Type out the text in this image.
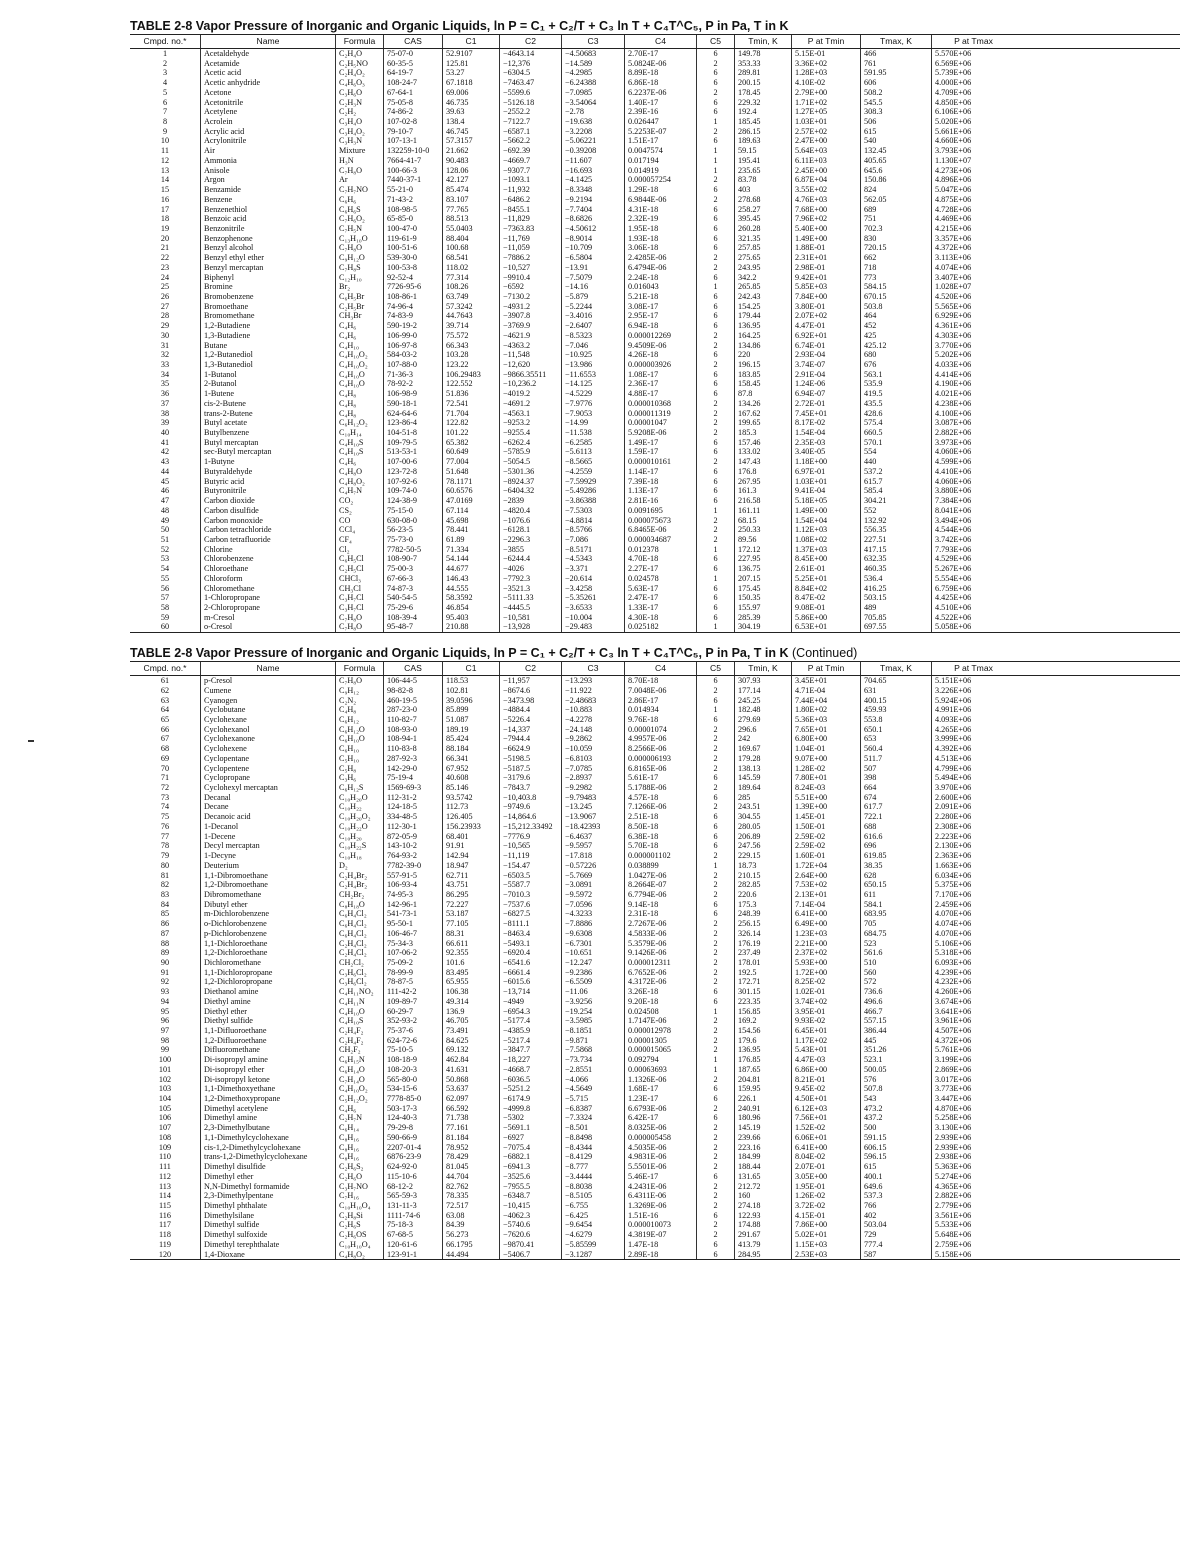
TABLE 2-8 Vapor Pressure of Inorganic and Organic Liquids, ln P = C₁ + C₂/T + C₃ ln T + C₄T^C₅, P in Pa, T in K
Cmpd. no.*	Name	Formula	CAS	C1	C2	C3	C4	C5	Tmin, K	P at Tmin	Tmax, K	P at Tmax
1	Acetaldehyde	C₂H₄O	75-07-0	52.9107	−4643.14	−4.50683	2.70E-17	6	149.78	5.15E-01	466	5.570E+06
2	Acetamide	C₂H₅NO	60-35-5	125.81	−12,376	−14.589	5.0824E-06	2	353.33	3.36E+02	761	6.569E+06
3	Acetic acid	C₂H₄O₂	64-19-7	53.27	−6304.5	−4.2985	8.89E-18	6	289.81	1.28E+03	591.95	5.739E+06
4	Acetic anhydride	C₄H₆O₃	108-24-7	67.1818	−7463.47	−6.24388	6.86E-18	6	200.15	4.10E-02	606	4.000E+06
5	Acetone	C₃H₆O	67-64-1	69.006	−5599.6	−7.0985	6.2237E-06	2	178.45	2.79E+00	508.2	4.709E+06
6	Acetonitrile	C₂H₃N	75-05-8	46.735	−5126.18	−3.54064	1.40E-17	6	229.32	1.71E+02	545.5	4.850E+06
7	Acetylene	C₂H₂	74-86-2	39.63	−2552.2	−2.78	2.39E-16	6	192.4	1.27E+05	308.3	6.106E+06
8	Acrolein	C₃H₄O	107-02-8	138.4	−7122.7	−19.638	0.026447	1	185.45	1.03E+01	506	5.020E+06
9	Acrylic acid	C₃H₄O₂	79-10-7	46.745	−6587.1	−3.2208	5.2253E-07	2	286.15	2.57E+02	615	5.661E+06
10	Acrylonitrile	C₃H₃N	107-13-1	57.3157	−5662.2	−5.06221	1.51E-17	6	189.63	2.47E+00	540	4.660E+06
11	Air	Mixture	132259-10-0	21.662	−692.39	−0.39208	0.0047574	1	59.15	5.64E+03	132.45	3.793E+06
12	Ammonia	H₃N	7664-41-7	90.483	−4669.7	−11.607	0.017194	1	195.41	6.11E+03	405.65	1.130E+07
13	Anisole	C₇H₈O	100-66-3	128.06	−9307.7	−16.693	0.014919	1	235.65	2.45E+00	645.6	4.273E+06
14	Argon	Ar	7440-37-1	42.127	−1093.1	−4.1425	0.000057254	2	83.78	6.87E+04	150.86	4.896E+06
15	Benzamide	C₇H₇NO	55-21-0	85.474	−11,932	−8.3348	1.29E-18	6	403	3.55E+02	824	5.047E+06
16	Benzene	C₆H₆	71-43-2	83.107	−6486.2	−9.2194	6.9844E-06	2	278.68	4.76E+03	562.05	4.875E+06
17	Benzenethiol	C₆H₆S	108-98-5	77.765	−8455.1	−7.7404	4.31E-18	6	258.27	7.68E+00	689	4.728E+06
18	Benzoic acid	C₇H₆O₂	65-85-0	88.513	−11,829	−8.6826	2.32E-19	6	395.45	7.96E+02	751	4.469E+06
19	Benzonitrile	C₇H₅N	100-47-0	55.0403	−7363.83	−4.50612	1.95E-18	6	260.28	5.40E+00	702.3	4.215E+06
20	Benzophenone	C₁₃H₁₀O	119-61-9	88.404	−11,769	−8.9014	1.93E-18	6	321.35	1.49E+00	830	3.357E+06
21	Benzyl alcohol	C₇H₈O	100-51-6	100.68	−11,059	−10.709	3.06E-18	6	257.85	1.88E-01	720.15	4.372E+06
22	Benzyl ethyl ether	C₉H₁₂O	539-30-0	68.541	−7886.2	−6.5804	2.4285E-06	2	275.65	2.31E+01	662	3.113E+06
23	Benzyl mercaptan	C₇H₈S	100-53-8	118.02	−10,527	−13.91	6.4794E-06	2	243.95	2.98E-01	718	4.074E+06
24	Biphenyl	C₁₂H₁₀	92-52-4	77.314	−9910.4	−7.5079	2.24E-18	6	342.2	9.42E+01	773	3.407E+06
25	Bromine	Br₂	7726-95-6	108.26	−6592	−14.16	0.016043	1	265.85	5.85E+03	584.15	1.028E+07
26	Bromobenzene	C₆H₅Br	108-86-1	63.749	−7130.2	−5.879	5.21E-18	6	242.43	7.84E+00	670.15	4.520E+06
27	Bromoethane	C₂H₅Br	74-96-4	57.3242	−4931.2	−5.2244	3.08E-17	6	154.25	3.80E-01	503.8	5.565E+06
28	Bromomethane	CH₃Br	74-83-9	44.7643	−3907.8	−3.4016	2.95E-17	6	179.44	2.07E+02	464	6.929E+06
29	1,2-Butadiene	C₄H₆	590-19-2	39.714	−3769.9	−2.6407	6.94E-18	6	136.95	4.47E-01	452	4.361E+06
30	1,3-Butadiene	C₄H₆	106-99-0	75.572	−4621.9	−8.5323	0.000012269	2	164.25	6.92E+01	425	4.303E+06
31	Butane	C₄H₁₀	106-97-8	66.343	−4363.2	−7.046	9.4509E-06	2	134.86	6.74E-01	425.12	3.770E+06
32	1,2-Butanediol	C₄H₁₀O₂	584-03-2	103.28	−11,548	−10.925	4.26E-18	6	220	2.93E-04	680	5.202E+06
33	1,3-Butanediol	C₄H₁₀O₂	107-88-0	123.22	−12,620	−13.986	0.000003926	2	196.15	3.74E-07	676	4.033E+06
34	1-Butanol	C₄H₁₀O	71-36-3	106.29483	−9866.35511	−11.6553	1.08E-17	6	183.85	2.91E-04	563.1	4.414E+06
35	2-Butanol	C₄H₁₀O	78-92-2	122.552	−10,236.2	−14.125	2.36E-17	6	158.45	1.24E-06	535.9	4.190E+06
36	1-Butene	C₄H₈	106-98-9	51.836	−4019.2	−4.5229	4.88E-17	6	87.8	6.94E-07	419.5	4.021E+06
37	cis-2-Butene	C₄H₈	590-18-1	72.541	−4691.2	−7.9776	0.000010368	2	134.26	2.72E-01	435.5	4.238E+06
38	trans-2-Butene	C₄H₈	624-64-6	71.704	−4563.1	−7.9053	0.000011319	2	167.62	7.45E+01	428.6	4.100E+06
39	Butyl acetate	C₆H₁₂O₂	123-86-4	122.82	−9253.2	−14.99	0.00001047	2	199.65	8.17E-02	575.4	3.087E+06
40	Butylbenzene	C₁₀H₁₄	104-51-8	101.22	−9255.4	−11.538	5.9208E-06	2	185.3	1.54E-04	660.5	2.882E+06
41	Butyl mercaptan	C₄H₁₀S	109-79-5	65.382	−6262.4	−6.2585	1.49E-17	6	157.46	2.35E-03	570.1	3.973E+06
42	sec-Butyl mercaptan	C₄H₁₀S	513-53-1	60.649	−5785.9	−5.6113	1.59E-17	6	133.02	3.40E-05	554	4.060E+06
43	1-Butyne	C₄H₆	107-00-6	77.004	−5054.5	−8.5665	0.000010161	2	147.43	1.18E+00	440	4.599E+06
44	Butyraldehyde	C₄H₈O	123-72-8	51.648	−5301.36	−4.2559	1.14E-17	6	176.8	6.97E-01	537.2	4.410E+06
45	Butyric acid	C₄H₈O₂	107-92-6	78.1171	−8924.37	−7.59929	7.39E-18	6	267.95	1.03E+01	615.7	4.060E+06
46	Butyronitrile	C₄H₇N	109-74-0	60.6576	−6404.32	−5.49286	1.13E-17	6	161.3	9.41E-04	585.4	3.880E+06
47	Carbon dioxide	CO₂	124-38-9	47.0169	−2839	−3.86388	2.81E-16	6	216.58	5.18E+05	304.21	7.384E+06
48	Carbon disulfide	CS₂	75-15-0	67.114	−4820.4	−7.5303	0.0091695	1	161.11	1.49E+00	552	8.041E+06
49	Carbon monoxide	CO	630-08-0	45.698	−1076.6	−4.8814	0.000075673	2	68.15	1.54E+04	132.92	3.494E+06
50	Carbon tetrachloride	CCl₄	56-23-5	78.441	−6128.1	−8.5766	6.8465E-06	2	250.33	1.12E+03	556.35	4.544E+06
51	Carbon tetrafluoride	CF₄	75-73-0	61.89	−2296.3	−7.086	0.000034687	2	89.56	1.08E+02	227.51	3.742E+06
52	Chlorine	Cl₂	7782-50-5	71.334	−3855	−8.5171	0.012378	1	172.12	1.37E+03	417.15	7.793E+06
53	Chlorobenzene	C₆H₅Cl	108-90-7	54.144	−6244.4	−4.5343	4.70E-18	6	227.95	8.45E+00	632.35	4.529E+06
54	Chloroethane	C₂H₅Cl	75-00-3	44.677	−4026	−3.371	2.27E-17	6	136.75	2.61E-01	460.35	5.267E+06
55	Chloroform	CHCl₃	67-66-3	146.43	−7792.3	−20.614	0.024578	1	207.15	5.25E+01	536.4	5.554E+06
56	Chloromethane	CH₃Cl	74-87-3	44.555	−3521.3	−3.4258	5.63E-17	6	175.45	8.84E+02	416.25	6.759E+06
57	1-Chloropropane	C₃H₇Cl	540-54-5	58.3592	−5111.33	−5.35261	2.47E-17	6	150.35	8.47E-02	503.15	4.425E+06
58	2-Chloropropane	C₃H₇Cl	75-29-6	46.854	−4445.5	−3.6533	1.33E-17	6	155.97	9.08E-01	489	4.510E+06
59	m-Cresol	C₇H₈O	108-39-4	95.403	−10,581	−10.004	4.30E-18	6	285.39	5.86E+00	705.85	4.522E+06
60	o-Cresol	C₇H₈O	95-48-7	210.88	−13,928	−29.483	0.025182	1	304.19	6.53E+01	697.55	5.058E+06
TABLE 2-8 Vapor Pressure of Inorganic and Organic Liquids, ln P = C₁ + C₂/T + C₃ ln T + C₄T^C₅, P in Pa, T in K (Continued)
Cmpd. no.*	Name	Formula	CAS	C1	C2	C3	C4	C5	Tmin, K	P at Tmin	Tmax, K	P at Tmax
61	p-Cresol	C₇H₈O	106-44-5	118.53	−11,957	−13.293	8.70E-18	6	307.93	3.45E+01	704.65	5.151E+06
62	Cumene	C₉H₁₂	98-82-8	102.81	−8674.6	−11.922	7.0048E-06	2	177.14	4.71E-04	631	3.226E+06
63	Cyanogen	C₂N₂	460-19-5	39.0596	−3473.98	−2.48683	2.86E-17	6	245.25	7.44E+04	400.15	5.924E+06
64	Cyclobutane	C₄H₈	287-23-0	85.899	−4884.4	−10.883	0.014934	1	182.48	1.80E+02	459.93	4.991E+06
65	Cyclohexane	C₆H₁₂	110-82-7	51.087	−5226.4	−4.2278	9.76E-18	6	279.69	5.36E+03	553.8	4.093E+06
66	Cyclohexanol	C₆H₁₂O	108-93-0	189.19	−14,337	−24.148	0.00001074	2	296.6	7.65E+01	650.1	4.265E+06
67	Cyclohexanone	C₆H₁₀O	108-94-1	85.424	−7944.4	−9.2862	4.9957E-06	2	242	6.80E+00	653	3.999E+06
68	Cyclohexene	C₆H₁₀	110-83-8	88.184	−6624.9	−10.059	8.2566E-06	2	169.67	1.04E-01	560.4	4.392E+06
69	Cyclopentane	C₅H₁₀	287-92-3	66.341	−5198.5	−6.8103	0.000006193	2	179.28	9.07E+00	511.7	4.513E+06
70	Cyclopentene	C₅H₈	142-29-0	67.952	−5187.5	−7.0785	6.8165E-06	2	138.13	1.28E-02	507	4.799E+06
71	Cyclopropane	C₃H₆	75-19-4	40.608	−3179.6	−2.8937	5.61E-17	6	145.59	7.80E+01	398	5.494E+06
72	Cyclohexyl mercaptan	C₆H₁₂S	1569-69-3	85.146	−7843.7	−9.2982	5.1788E-06	2	189.64	8.24E-03	664	3.970E+06
73	Decanal	C₁₀H₂₀O	112-31-2	93.5742	−10,403.8	−9.79483	4.57E-18	6	285	5.51E+00	674	2.600E+06
74	Decane	C₁₀H₂₂	124-18-5	112.73	−9749.6	−13.245	7.1266E-06	2	243.51	1.39E+00	617.7	2.091E+06
75	Decanoic acid	C₁₀H₂₀O₂	334-48-5	126.405	−14,864.6	−13.9067	2.51E-18	6	304.55	1.45E-01	722.1	2.280E+06
76	1-Decanol	C₁₀H₂₂O	112-30-1	156.23933	−15,212.33492	−18.42393	8.50E-18	6	280.05	1.50E-01	688	2.308E+06
77	1-Decene	C₁₀H₂₀	872-05-9	68.401	−7776.9	−6.4637	6.38E-18	6	206.89	2.59E-02	616.6	2.223E+06
78	Decyl mercaptan	C₁₀H₂₂S	143-10-2	91.91	−10,565	−9.5957	5.70E-18	6	247.56	2.59E-02	696	2.130E+06
79	1-Decyne	C₁₀H₁₈	764-93-2	142.94	−11,119	−17.818	0.000001102	2	229.15	1.60E-01	619.85	2.363E+06
80	Deuterium	D₂	7782-39-0	18.947	−154.47	−0.57226	0.038899	1	18.73	1.72E+04	38.35	1.663E+06
81	1,1-Dibromoethane	C₂H₄Br₂	557-91-5	62.711	−6503.5	−5.7669	1.0427E-06	2	210.15	2.64E+00	628	6.034E+06
82	1,2-Dibromoethane	C₂H₄Br₂	106-93-4	43.751	−5587.7	−3.0891	8.2664E-07	2	282.85	7.53E+02	650.15	5.375E+06
83	Dibromomethane	CH₂Br₂	74-95-3	86.295	−7010.3	−9.5972	6.7794E-06	2	220.6	2.13E+01	611	7.170E+06
84	Dibutyl ether	C₈H₁₈O	142-96-1	72.227	−7537.6	−7.0596	9.14E-18	6	175.3	7.14E-04	584.1	2.459E+06
85	m-Dichlorobenzene	C₆H₄Cl₂	541-73-1	53.187	−6827.5	−4.3233	2.31E-18	6	248.39	6.41E+00	683.95	4.070E+06
86	o-Dichlorobenzene	C₆H₄Cl₂	95-50-1	77.105	−8111.1	−7.8886	2.7267E-06	2	256.15	6.49E+00	705	4.074E+06
87	p-Dichlorobenzene	C₆H₄Cl₂	106-46-7	88.31	−8463.4	−9.6308	4.5833E-06	2	326.14	1.23E+03	684.75	4.070E+06
88	1,1-Dichloroethane	C₂H₄Cl₂	75-34-3	66.611	−5493.1	−6.7301	5.3579E-06	2	176.19	2.21E+00	523	5.106E+06
89	1,2-Dichloroethane	C₂H₄Cl₂	107-06-2	92.355	−6920.4	−10.651	9.1426E-06	2	237.49	2.37E+02	561.6	5.318E+06
90	Dichloromethane	CH₂Cl₂	75-09-2	101.6	−6541.6	−12.247	0.000012311	2	178.01	5.93E+00	510	6.093E+06
91	1,1-Dichloropropane	C₃H₆Cl₂	78-99-9	83.495	−6661.4	−9.2386	6.7652E-06	2	192.5	1.72E+00	560	4.239E+06
92	1,2-Dichloropropane	C₃H₆Cl₂	78-87-5	65.955	−6015.6	−6.5509	4.3172E-06	2	172.71	8.25E-02	572	4.232E+06
93	Diethanol amine	C₄H₁₁NO₂	111-42-2	106.38	−13,714	−11.06	3.26E-18	6	301.15	1.02E-01	736.6	4.260E+06
94	Diethyl amine	C₄H₁₁N	109-89-7	49.314	−4949	−3.9256	9.20E-18	6	223.35	3.74E+02	496.6	3.674E+06
95	Diethyl ether	C₄H₁₀O	60-29-7	136.9	−6954.3	−19.254	0.024508	1	156.85	3.95E-01	466.7	3.641E+06
96	Diethyl sulfide	C₄H₁₀S	352-93-2	46.705	−5177.4	−3.5985	1.7147E-06	2	169.2	9.93E-02	557.15	3.961E+06
97	1,1-Difluoroethane	C₂H₄F₂	75-37-6	73.491	−4385.9	−8.1851	0.000012978	2	154.56	6.45E+01	386.44	4.507E+06
98	1,2-Difluoroethane	C₂H₄F₂	624-72-6	84.625	−5217.4	−9.871	0.00001305	2	179.6	1.17E+02	445	4.372E+06
99	Difluoromethane	CH₂F₂	75-10-5	69.132	−3847.7	−7.5868	0.000015065	2	136.95	5.43E+01	351.26	5.761E+06
100	Di-isopropyl amine	C₆H₁₅N	108-18-9	462.84	−18,227	−73.734	0.092794	1	176.85	4.47E-03	523.1	3.199E+06
101	Di-isopropyl ether	C₆H₁₄O	108-20-3	41.631	−4668.7	−2.8551	0.00063693	1	187.65	6.86E+00	500.05	2.869E+06
102	Di-isopropyl ketone	C₇H₁₄O	565-80-0	50.868	−6036.5	−4.066	1.1326E-06	2	204.81	8.21E-01	576	3.017E+06
103	1,1-Dimethoxyethane	C₄H₁₀O₂	534-15-6	53.637	−5251.2	−4.5649	1.68E-17	6	159.95	9.45E-02	507.8	3.773E+06
104	1,2-Dimethoxypropane	C₅H₁₂O₂	7778-85-0	62.097	−6174.9	−5.715	1.23E-17	6	226.1	4.50E+01	543	3.447E+06
105	Dimethyl acetylene	C₄H₆	503-17-3	66.592	−4999.8	−6.8387	6.6793E-06	2	240.91	6.12E+03	473.2	4.870E+06
106	Dimethyl amine	C₂H₇N	124-40-3	71.738	−5302	−7.3324	6.42E-17	6	180.96	7.56E+01	437.2	5.258E+06
107	2,3-Dimethylbutane	C₆H₁₄	79-29-8	77.161	−5691.1	−8.501	8.0325E-06	2	145.19	1.52E-02	500	3.130E+06
108	1,1-Dimethylcyclohexane	C₈H₁₆	590-66-9	81.184	−6927	−8.8498	0.000005458	2	239.66	6.06E+01	591.15	2.939E+06
109	cis-1,2-Dimethylcyclohexane	C₈H₁₆	2207-01-4	78.952	−7075.4	−8.4344	4.5035E-06	2	223.16	6.41E+00	606.15	2.939E+06
110	trans-1,2-Dimethylcyclohexane	C₈H₁₆	6876-23-9	78.429	−6882.1	−8.4129	4.9831E-06	2	184.99	8.04E-02	596.15	2.938E+06
111	Dimethyl disulfide	C₂H₆S₂	624-92-0	81.045	−6941.3	−8.777	5.5501E-06	2	188.44	2.07E-01	615	5.363E+06
112	Dimethyl ether	C₂H₆O	115-10-6	44.704	−3525.6	−3.4444	5.46E-17	6	131.65	3.05E+00	400.1	5.274E+06
113	N,N-Dimethyl formamide	C₃H₇NO	68-12-2	82.762	−7955.5	−8.8038	4.2431E-06	2	212.72	1.95E-01	649.6	4.365E+06
114	2,3-Dimethylpentane	C₇H₁₆	565-59-3	78.335	−6348.7	−8.5105	6.4311E-06	2	160	1.26E-02	537.3	2.882E+06
115	Dimethyl phthalate	C₁₀H₁₀O₄	131-11-3	72.517	−10,415	−6.755	1.3269E-06	2	274.18	3.72E-02	766	2.779E+06
116	Dimethylsilane	C₂H₈Si	1111-74-6	63.08	−4062.3	−6.425	1.51E-16	6	122.93	4.15E-01	402	3.561E+06
117	Dimethyl sulfide	C₂H₆S	75-18-3	84.39	−5740.6	−9.6454	0.000010073	2	174.88	7.86E+00	503.04	5.533E+06
118	Dimethyl sulfoxide	C₂H₆OS	67-68-5	56.273	−7620.6	−4.6279	4.3819E-07	2	291.67	5.02E+01	729	5.648E+06
119	Dimethyl terephthalate	C₁₀H₁₀O₄	120-61-6	66.1795	−9870.41	−5.85599	1.47E-18	6	413.79	1.15E+03	777.4	2.759E+06
120	1,4-Dioxane	C₄H₈O₂	123-91-1	44.494	−5406.7	−3.1287	2.89E-18	6	284.95	2.53E+03	587	5.158E+06
